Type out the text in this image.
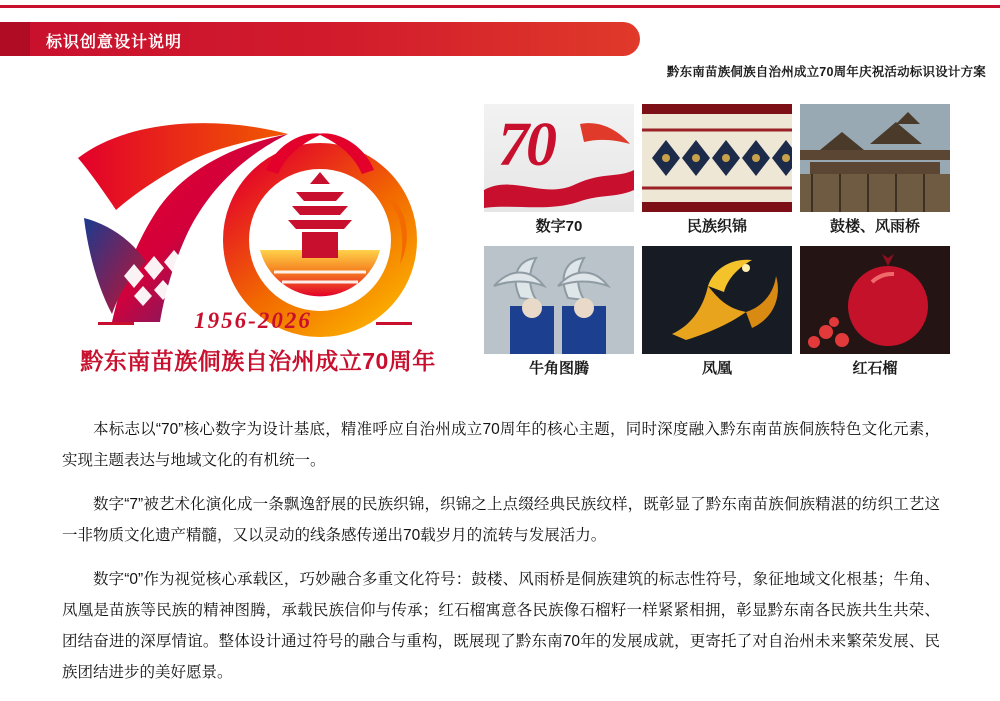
标识创意设计说明
黔东南苗族侗族自治州成立70周年庆祝活动标识设计方案
1956-2026
黔东南苗族侗族自治州成立70周年
70
数字70	民族织锦	鼓楼、风雨桥
牛角图腾	凤凰	红石榴

本标志以“70”核心数字为设计基底，精准呼应自治州成立70周年的核心主题，同时深度融入黔东南苗族侗族特色文化元素，实现主题表达与地域文化的有机统一。

数字“7”被艺术化演化成一条飘逸舒展的民族织锦，织锦之上点缀经典民族纹样，既彰显了黔东南苗族侗族精湛的纺织工艺这一非物质文化遗产精髓，又以灵动的线条感传递出70载岁月的流转与发展活力。

数字“0”作为视觉核心承载区，巧妙融合多重文化符号：鼓楼、风雨桥是侗族建筑的标志性符号，象征地域文化根基；牛角、凤凰是苗族等民族的精神图腾，承载民族信仰与传承；红石榴寓意各民族像石榴籽一样紧紧相拥，彰显黔东南各民族共生共荣、团结奋进的深厚情谊。整体设计通过符号的融合与重构，既展现了黔东南70年的发展成就，更寄托了对自治州未来繁荣发展、民族团结进步的美好愿景。
